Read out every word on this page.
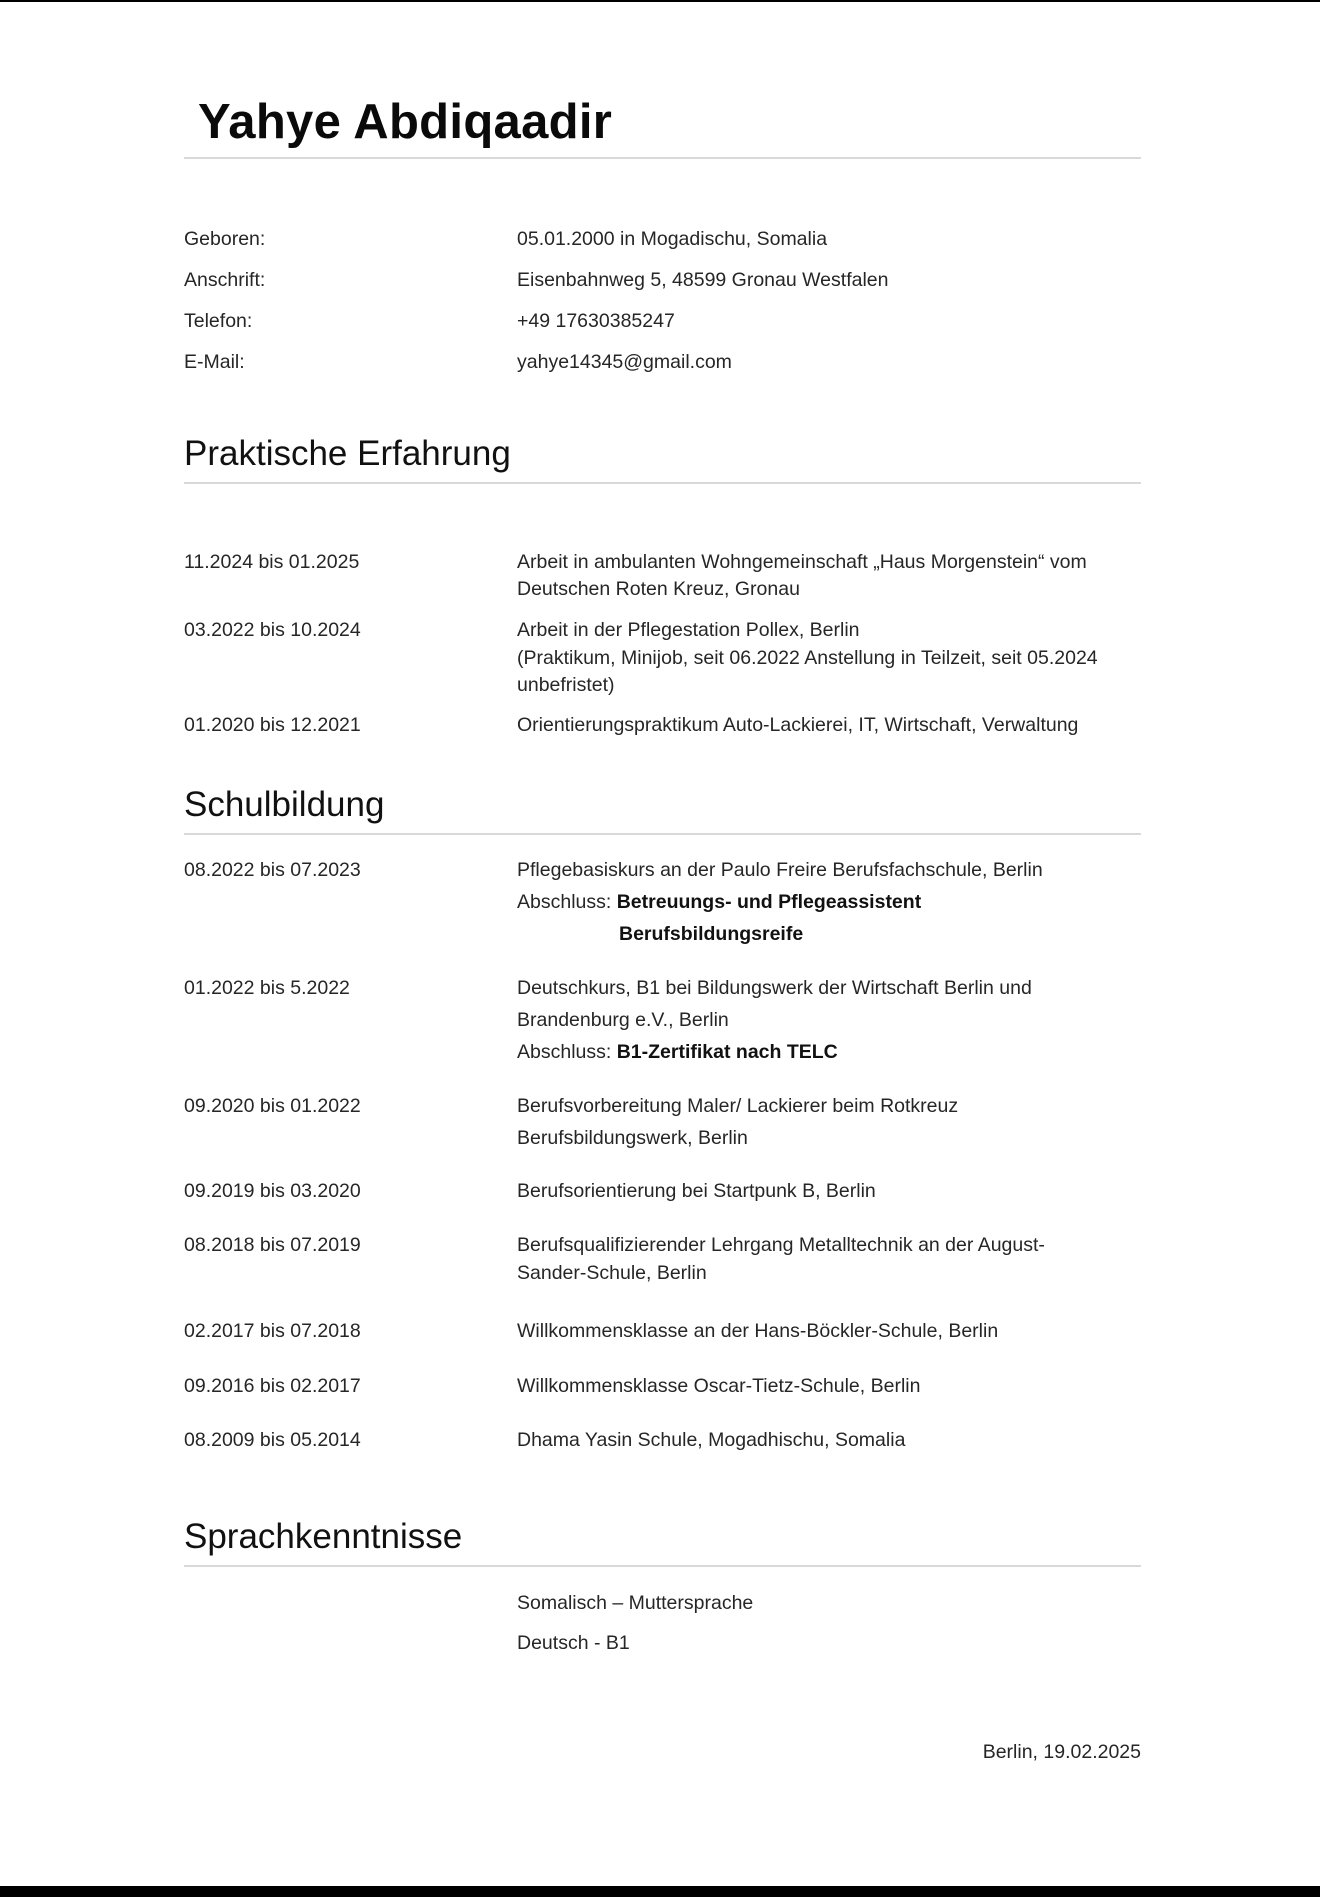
Yahye Abdiqaadir
Geboren:	05.01.2000 in Mogadischu, Somalia
Anschrift:	Eisenbahnweg 5, 48599 Gronau Westfalen
Telefon:	+49 17630385247
E-Mail:	yahye14345@gmail.com
Praktische Erfahrung
11.2024 bis 01.2025	Arbeit in ambulanten Wohngemeinschaft „Haus Morgenstein“ vom
Deutschen Roten Kreuz, Gronau
03.2022 bis 10.2024	Arbeit in der Pflegestation Pollex, Berlin
(Praktikum, Minijob, seit 06.2022 Anstellung in Teilzeit, seit 05.2024
unbefristet)
01.2020 bis 12.2021	Orientierungspraktikum Auto-Lackierei, IT, Wirtschaft, Verwaltung
Schulbildung
08.2022 bis 07.2023	Pflegebasiskurs an der Paulo Freire Berufsfachschule, Berlin
Abschluss: Betreuungs- und Pflegeassistent
Berufsbildungsreife
01.2022 bis 5.2022	Deutschkurs, B1 bei Bildungswerk der Wirtschaft Berlin und
Brandenburg e.V., Berlin
Abschluss: B1-Zertifikat nach TELC
09.2020 bis 01.2022	Berufsvorbereitung Maler/ Lackierer beim Rotkreuz
Berufsbildungswerk, Berlin
09.2019 bis 03.2020	Berufsorientierung bei Startpunk B, Berlin
08.2018 bis 07.2019	Berufsqualifizierender Lehrgang Metalltechnik an der August-
Sander-Schule, Berlin
02.2017 bis 07.2018	Willkommensklasse an der Hans-Böckler-Schule, Berlin
09.2016 bis 02.2017	Willkommensklasse Oscar-Tietz-Schule, Berlin
08.2009 bis 05.2014	Dhama Yasin Schule, Mogadhischu, Somalia
Sprachkenntnisse
Somalisch – Muttersprache
Deutsch - B1
Berlin, 19.02.2025
